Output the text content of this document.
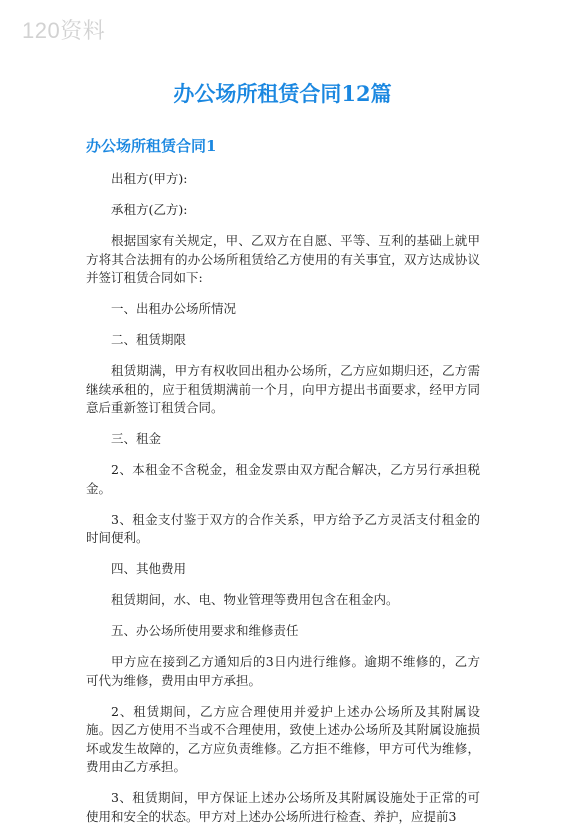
120资料
办公场所租赁合同12篇
办公场所租赁合同1

出租方(甲方):

承租方(乙方):

根据国家有关规定，甲、乙双方在自愿、平等、互利的基础上就甲方将其合法拥有的办公场所租赁给乙方使用的有关事宜，双方达成协议并签订租赁合同如下:

一、出租办公场所情况

二、租赁期限

租赁期满，甲方有权收回出租办公场所，乙方应如期归还，乙方需继续承租的，应于租赁期满前一个月，向甲方提出书面要求，经甲方同意后重新签订租赁合同。

三、租金

2、本租金不含税金，租金发票由双方配合解决，乙方另行承担税金。

3、租金支付鉴于双方的合作关系，甲方给予乙方灵活支付租金的时间便利。

四、其他费用

租赁期间，水、电、物业管理等费用包含在租金内。

五、办公场所使用要求和维修责任

甲方应在接到乙方通知后的3日内进行维修。逾期不维修的，乙方可代为维修，费用由甲方承担。

2、租赁期间，乙方应合理使用并爱护上述办公场所及其附属设施。因乙方使用不当或不合理使用，致使上述办公场所及其附属设施损坏或发生故障的，乙方应负责维修。乙方拒不维修，甲方可代为维修，费用由乙方承担。

3、租赁期间，甲方保证上述办公场所及其附属设施处于正常的可使用和安全的状态。甲方对上述办公场所进行检查、养护，应提前3
